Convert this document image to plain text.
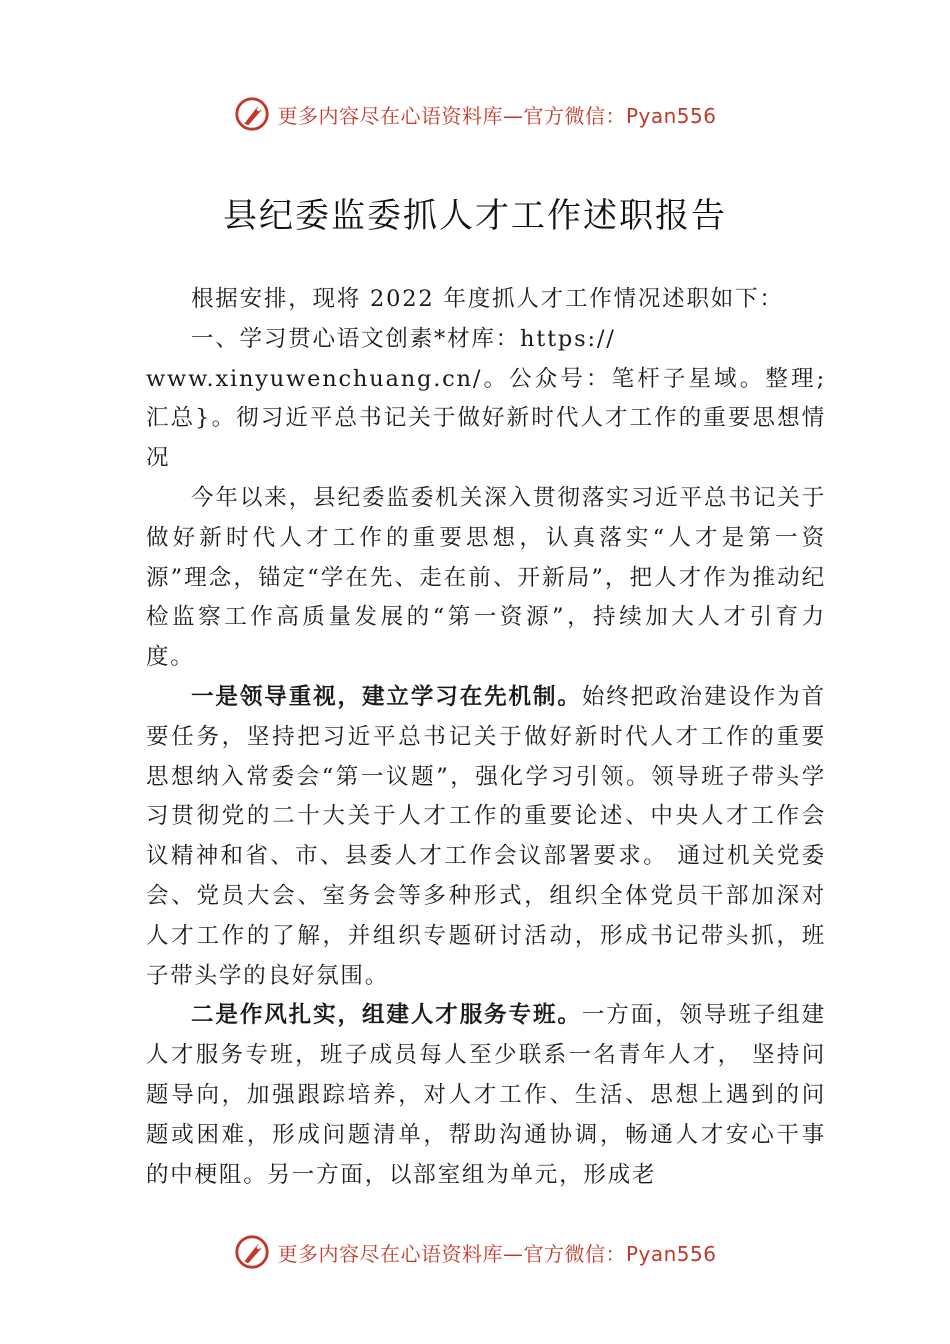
更多内容尽在心语资料库—官方微信：Pyan556
县纪委监委抓人才工作述职报告

根据安排，现将 2022 年度抓人才工作情况述职如下：

一、学习贯心语文创素*材库：https://

www.xinyuwenchuang.cn/。公众号：笔杆子星域。整理;汇总}。彻习近平总书记关于做好新时代人才工作的重要思想情况

今年以来，县纪委监委机关深入贯彻落实习近平总书记关于做好新时代人才工作的重要思想，认真落实“人才是第一资源”理念，锚定“学在先、走在前、开新局”，把人才作为推动纪检监察工作高质量发展的“第一资源”，持续加大人才引育力度。

一是领导重视，建立学习在先机制。始终把政治建设作为首要任务，坚持把习近平总书记关于做好新时代人才工作的重要思想纳入常委会“第一议题”，强化学习引领。领导班子带头学习贯彻党的二十大关于人才工作的重要论述、中央人才工作会议精神和省、市、县委人才工作会议部署要求。 通过机关党委会、党员大会、室务会等多种形式，组织全体党员干部加深对人才工作的了解，并组织专题研讨活动，形成书记带头抓，班子带头学的良好氛围。

二是作风扎实，组建人才服务专班。一方面，领导班子组建人才服务专班，班子成员每人至少联系一名青年人才， 坚持问题导向，加强跟踪培养，对人才工作、生活、思想上遇到的问题或困难，形成问题清单，帮助沟通协调，畅通人才安心干事的中梗阻。另一方面，以部室组为单元，形成老

更多内容尽在心语资料库—官方微信：Pyan556
